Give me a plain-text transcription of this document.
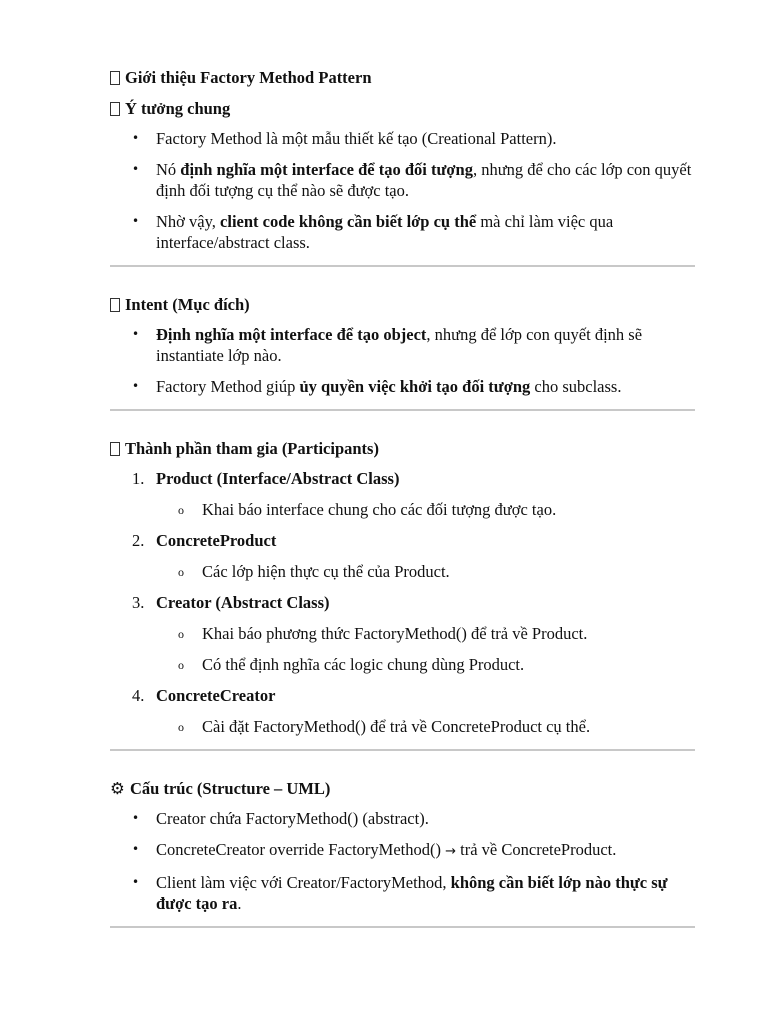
Giới thiệu Factory Method Pattern

Ý tưởng chung

• Factory Method là một mẫu thiết kế tạo (Creational Pattern).
• Nó định nghĩa một interface để tạo đối tượng, nhưng để cho các lớp con quyết định đối tượng cụ thể nào sẽ được tạo.
• Nhờ vậy, client code không cần biết lớp cụ thể mà chỉ làm việc qua interface/abstract class.

Intent (Mục đích)

• Định nghĩa một interface để tạo object, nhưng để lớp con quyết định sẽ instantiate lớp nào.
• Factory Method giúp ủy quyền việc khởi tạo đối tượng cho subclass.

Thành phần tham gia (Participants)

1. Product (Interface/Abstract Class)
o Khai báo interface chung cho các đối tượng được tạo.
2. ConcreteProduct
o Các lớp hiện thực cụ thể của Product.
3. Creator (Abstract Class)
o Khai báo phương thức FactoryMethod() để trả về Product.
o Có thể định nghĩa các logic chung dùng Product.
4. ConcreteCreator
o Cài đặt FactoryMethod() để trả về ConcreteProduct cụ thể.

⚙ Cấu trúc (Structure – UML)

• Creator chứa FactoryMethod() (abstract).
• ConcreteCreator override FactoryMethod() → trả về ConcreteProduct.
• Client làm việc với Creator/FactoryMethod, không cần biết lớp nào thực sự được tạo ra.
